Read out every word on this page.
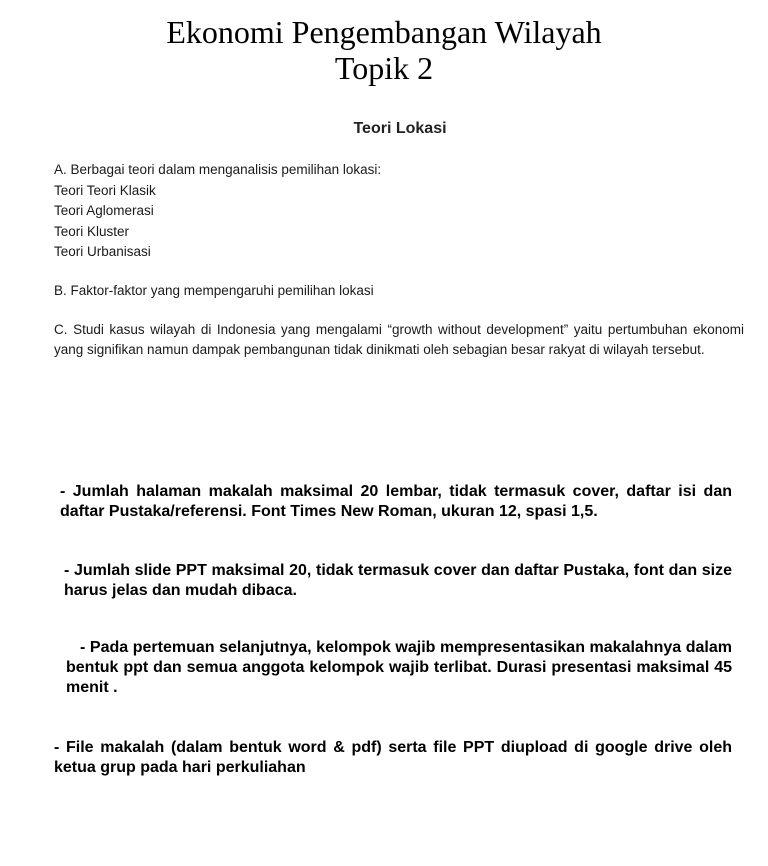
Ekonomi Pengembangan Wilayah
Topik 2
Teori Lokasi
A. Berbagai teori dalam menganalisis pemilihan lokasi:
Teori Teori Klasik
Teori Aglomerasi
Teori Kluster
Teori Urbanisasi
B. Faktor-faktor yang mempengaruhi pemilihan lokasi
C. Studi kasus wilayah di Indonesia yang mengalami “growth without development” yaitu pertumbuhan ekonomi yang signifikan namun dampak pembangunan tidak dinikmati oleh sebagian besar rakyat di wilayah tersebut.
- Jumlah halaman makalah maksimal 20 lembar, tidak termasuk cover, daftar isi dan daftar Pustaka/referensi. Font Times New Roman, ukuran 12, spasi 1,5.
- Jumlah slide PPT maksimal 20, tidak termasuk cover dan daftar Pustaka, font dan size harus jelas dan mudah dibaca.
- Pada pertemuan selanjutnya, kelompok wajib mempresentasikan makalahnya dalam bentuk ppt dan semua anggota kelompok wajib terlibat. Durasi presentasi maksimal 45 menit .
- File makalah (dalam bentuk word & pdf) serta file PPT diupload di google drive oleh ketua grup pada hari perkuliahan
